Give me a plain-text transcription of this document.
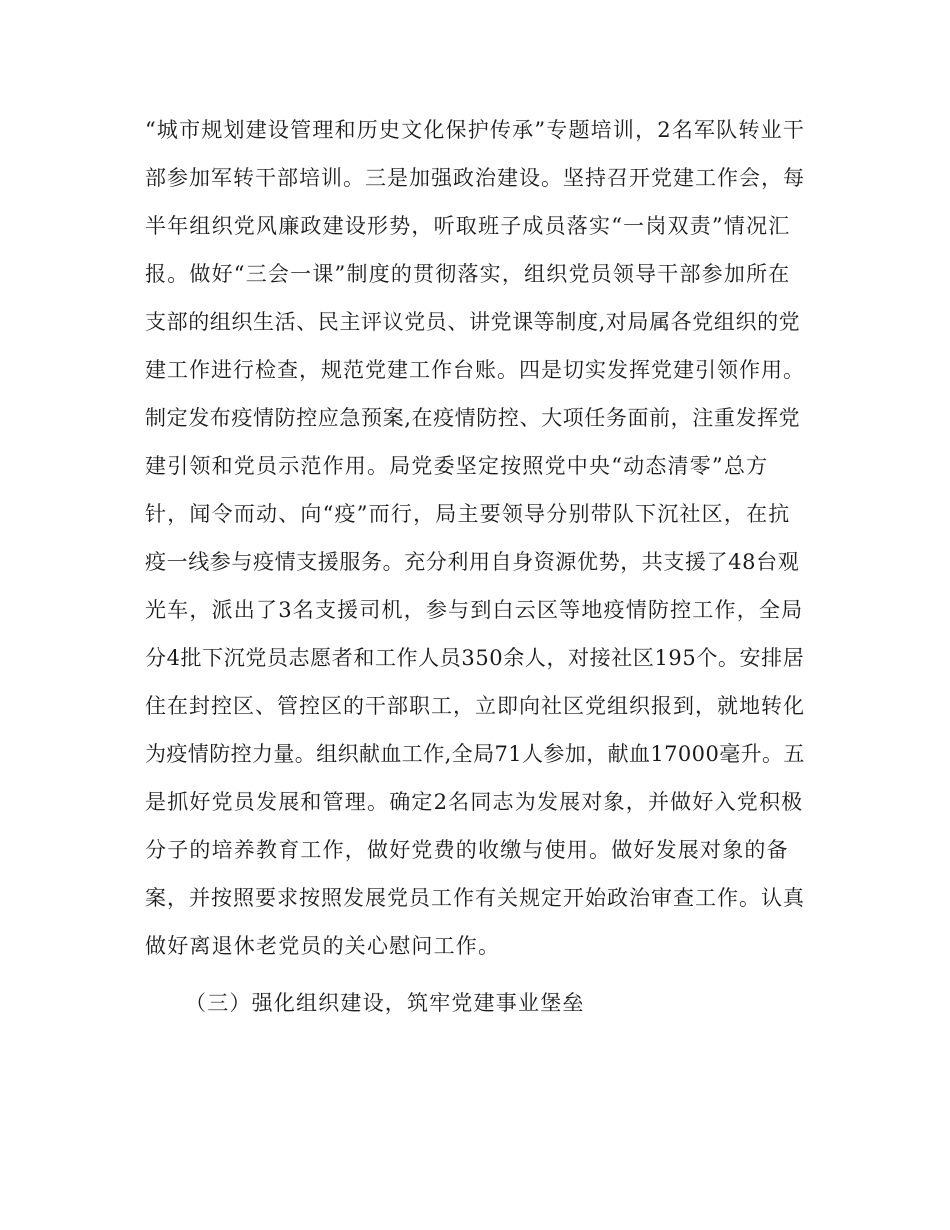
“城市规划建设管理和历史文化保护传承”专题培训，2名军队转业干
部参加军转干部培训。三是加强政治建设。坚持召开党建工作会，每
半年组织党风廉政建设形势，听取班子成员落实“一岗双责”情况汇
报。做好“三会一课”制度的贯彻落实，组织党员领导干部参加所在
支部的组织生活、民主评议党员、讲党课等制度,对局属各党组织的党
建工作进行检查，规范党建工作台账。四是切实发挥党建引领作用。
制定发布疫情防控应急预案,在疫情防控、大项任务面前，注重发挥党
建引领和党员示范作用。局党委坚定按照党中央“动态清零”总方
针，闻令而动、向“疫”而行，局主要领导分别带队下沉社区，在抗
疫一线参与疫情支援服务。充分利用自身资源优势，共支援了48台观
光车，派出了3名支援司机，参与到白云区等地疫情防控工作，全局
分4批下沉党员志愿者和工作人员350余人，对接社区195个。安排居
住在封控区、管控区的干部职工，立即向社区党组织报到，就地转化
为疫情防控力量。组织献血工作,全局71人参加，献血17000毫升。五
是抓好党员发展和管理。确定2名同志为发展对象，并做好入党积极
分子的培养教育工作，做好党费的收缴与使用。做好发展对象的备
案，并按照要求按照发展党员工作有关规定开始政治审查工作。认真
做好离退休老党员的关心慰问工作。
（三）强化组织建设，筑牢党建事业堡垒
